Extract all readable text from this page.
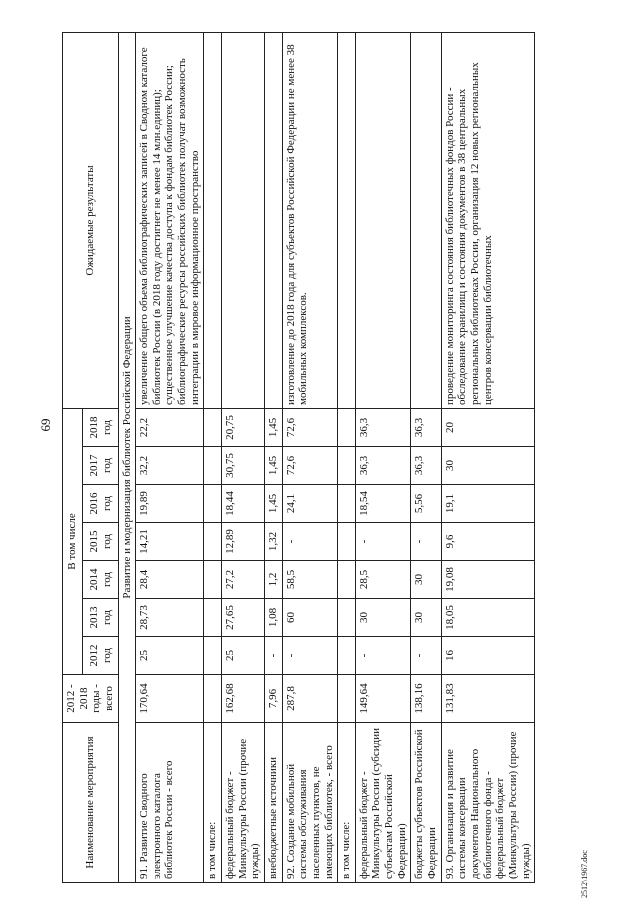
69
Наименование мероприятия	2012 - 2018 годы - всего	В том числе							Ожидаемые результаты
		2012 год	2013 год	2014 год	2015 год	2016 год	2017 год	2018 год	
Развитие и модернизация библиотек Российской Федерации									
91. Развитие Сводного электронного каталога библиотек России - всего	170,64	25	28,73	28,4	14,21	19,89	32,2	22,2	увеличение общего объема библиографических записей в Сводном каталоге библиотек России (в 2018 году достигнет не менее 14 млн.единиц); существенное улучшение качества доступа к фондам библиотек России; библиографические ресурсы российских библиотек получат возможность интеграции в мировое информационное пространство
в том числе:									
федеральный бюджет - Минкультуры России (прочие нужды)	162,68	25	27,65	27,2	12,89	18,44	30,75	20,75	
внебюджетные источники	7,96	-	1,08	1,2	1,32	1,45	1,45	1,45	
92. Создание мобильной системы обслуживания населенных пунктов, не имеющих библиотек, - всего	287,8	-	60	58,5	-	24,1	72,6	72,6	изготовление до 2018 года для субъектов Российской Федерации не менее 38 мобильных комплексов.
в том числе:									
федеральный бюджет - Минкультуры России (субсидии субъектам Российской Федерации)	149,64	-	30	28,5	-	18,54	36,3	36,3	
бюджеты субъектов Российской Федерации	138,16	-	30	30	-	5,56	36,3	36,3	
93. Организация и развитие системы консервации документов Национального библиотечного фонда - федеральный бюджет (Минкультуры России) (прочие нужды)	131,83	16	18,05	19,08	9,6	19,1	30	20	проведение мониторинга состояния библиотечных фондов России - обследование хранилищ и состояния документов в 38 центральных региональных библиотеках России, организация 12 новых региональных центров консервации библиотечных
2512\1967.doc
